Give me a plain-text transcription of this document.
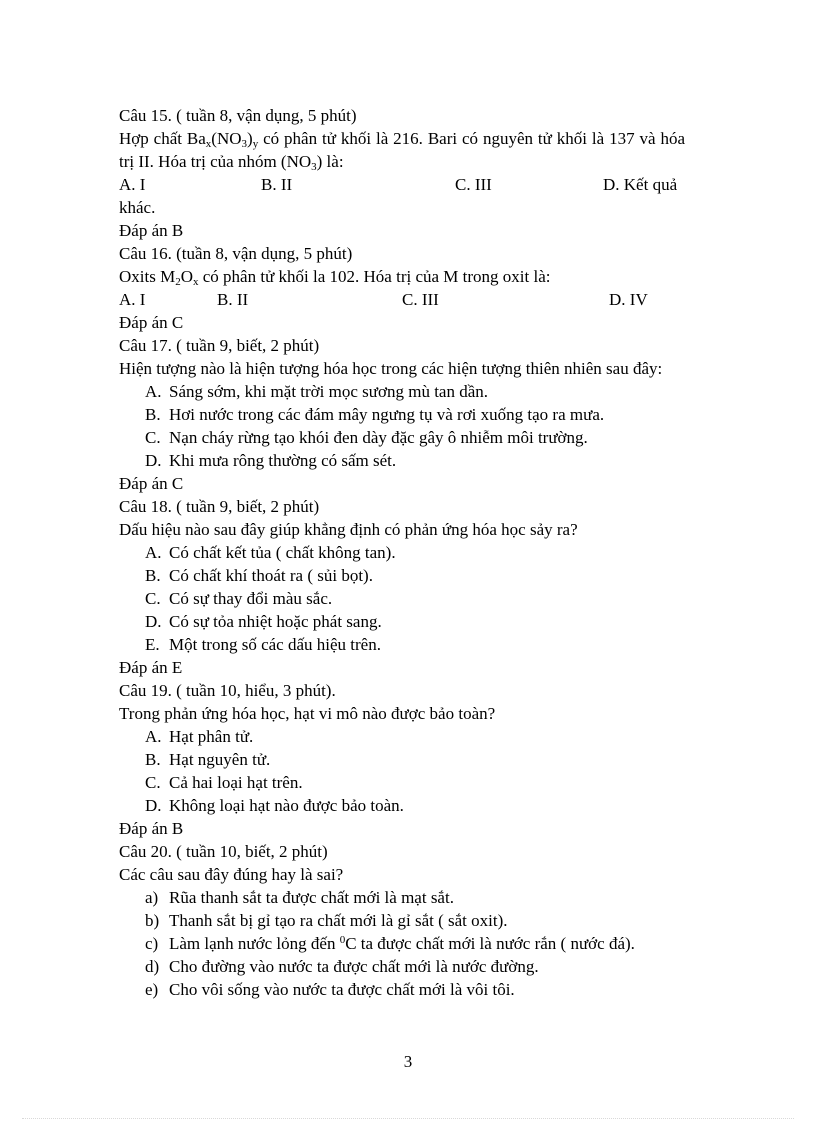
Câu 15. ( tuần 8, vận dụng, 5 phút)
Hợp chất $Ba_x(NO_3)_y$ có phân tử khối là 216. Bari có nguyên tử khối là 137 và hóa trị II. Hóa trị của nhóm $(NO_3)$ là:
A. I	B. II	C. III	D. Kết quả
khác.
Đáp án B
Câu 16. (tuần 8, vận dụng, 5 phút)
Oxits $M_2O_x$ có phân tử khối la 102. Hóa trị của M trong oxit là:
A. I	B. II	C. III	D. IV
Đáp án C
Câu 17. ( tuần 9, biết, 2 phút)
Hiện tượng nào là hiện tượng hóa học trong các hiện tượng thiên nhiên sau đây:
A. Sáng sớm, khi mặt trời mọc sương mù tan dần.
B. Hơi nước trong các đám mây ngưng tụ và rơi xuống tạo ra mưa.
C. Nạn cháy rừng tạo khói đen dày đặc gây ô nhiễm môi trường.
D. Khi mưa rông thường có sấm sét.
Đáp án C
Câu 18. ( tuần 9, biết, 2 phút)
Dấu hiệu nào sau đây giúp khẳng định có phản ứng hóa học sảy ra?
A. Có chất kết tủa ( chất không tan).
B. Có chất khí thoát ra ( sủi bọt).
C. Có sự thay đổi màu sắc.
D. Có sự tỏa nhiệt hoặc phát sang.
E. Một trong số các dấu hiệu trên.
Đáp án E
Câu 19. ( tuần 10, hiểu, 3 phút).
Trong phản ứng hóa học, hạt vi mô nào được bảo toàn?
A. Hạt phân tử.
B. Hạt nguyên tử.
C. Cả hai loại hạt trên.
D. Không loại hạt nào được bảo toàn.
Đáp án B
Câu 20. ( tuần 10, biết, 2 phút)
Các câu sau đây đúng hay là sai?
a) Rũa thanh sắt ta được chất mới là mạt sắt.
b) Thanh sắt bị gỉ tạo ra chất mới là gỉ sắt ( sắt oxit).
c) Làm lạnh nước lỏng đến $^0$C ta được chất mới là nước rắn ( nước đá).
d) Cho đường vào nước ta được chất mới là nước đường.
e) Cho vôi sống vào nước ta được chất mới là vôi tôi.
3
